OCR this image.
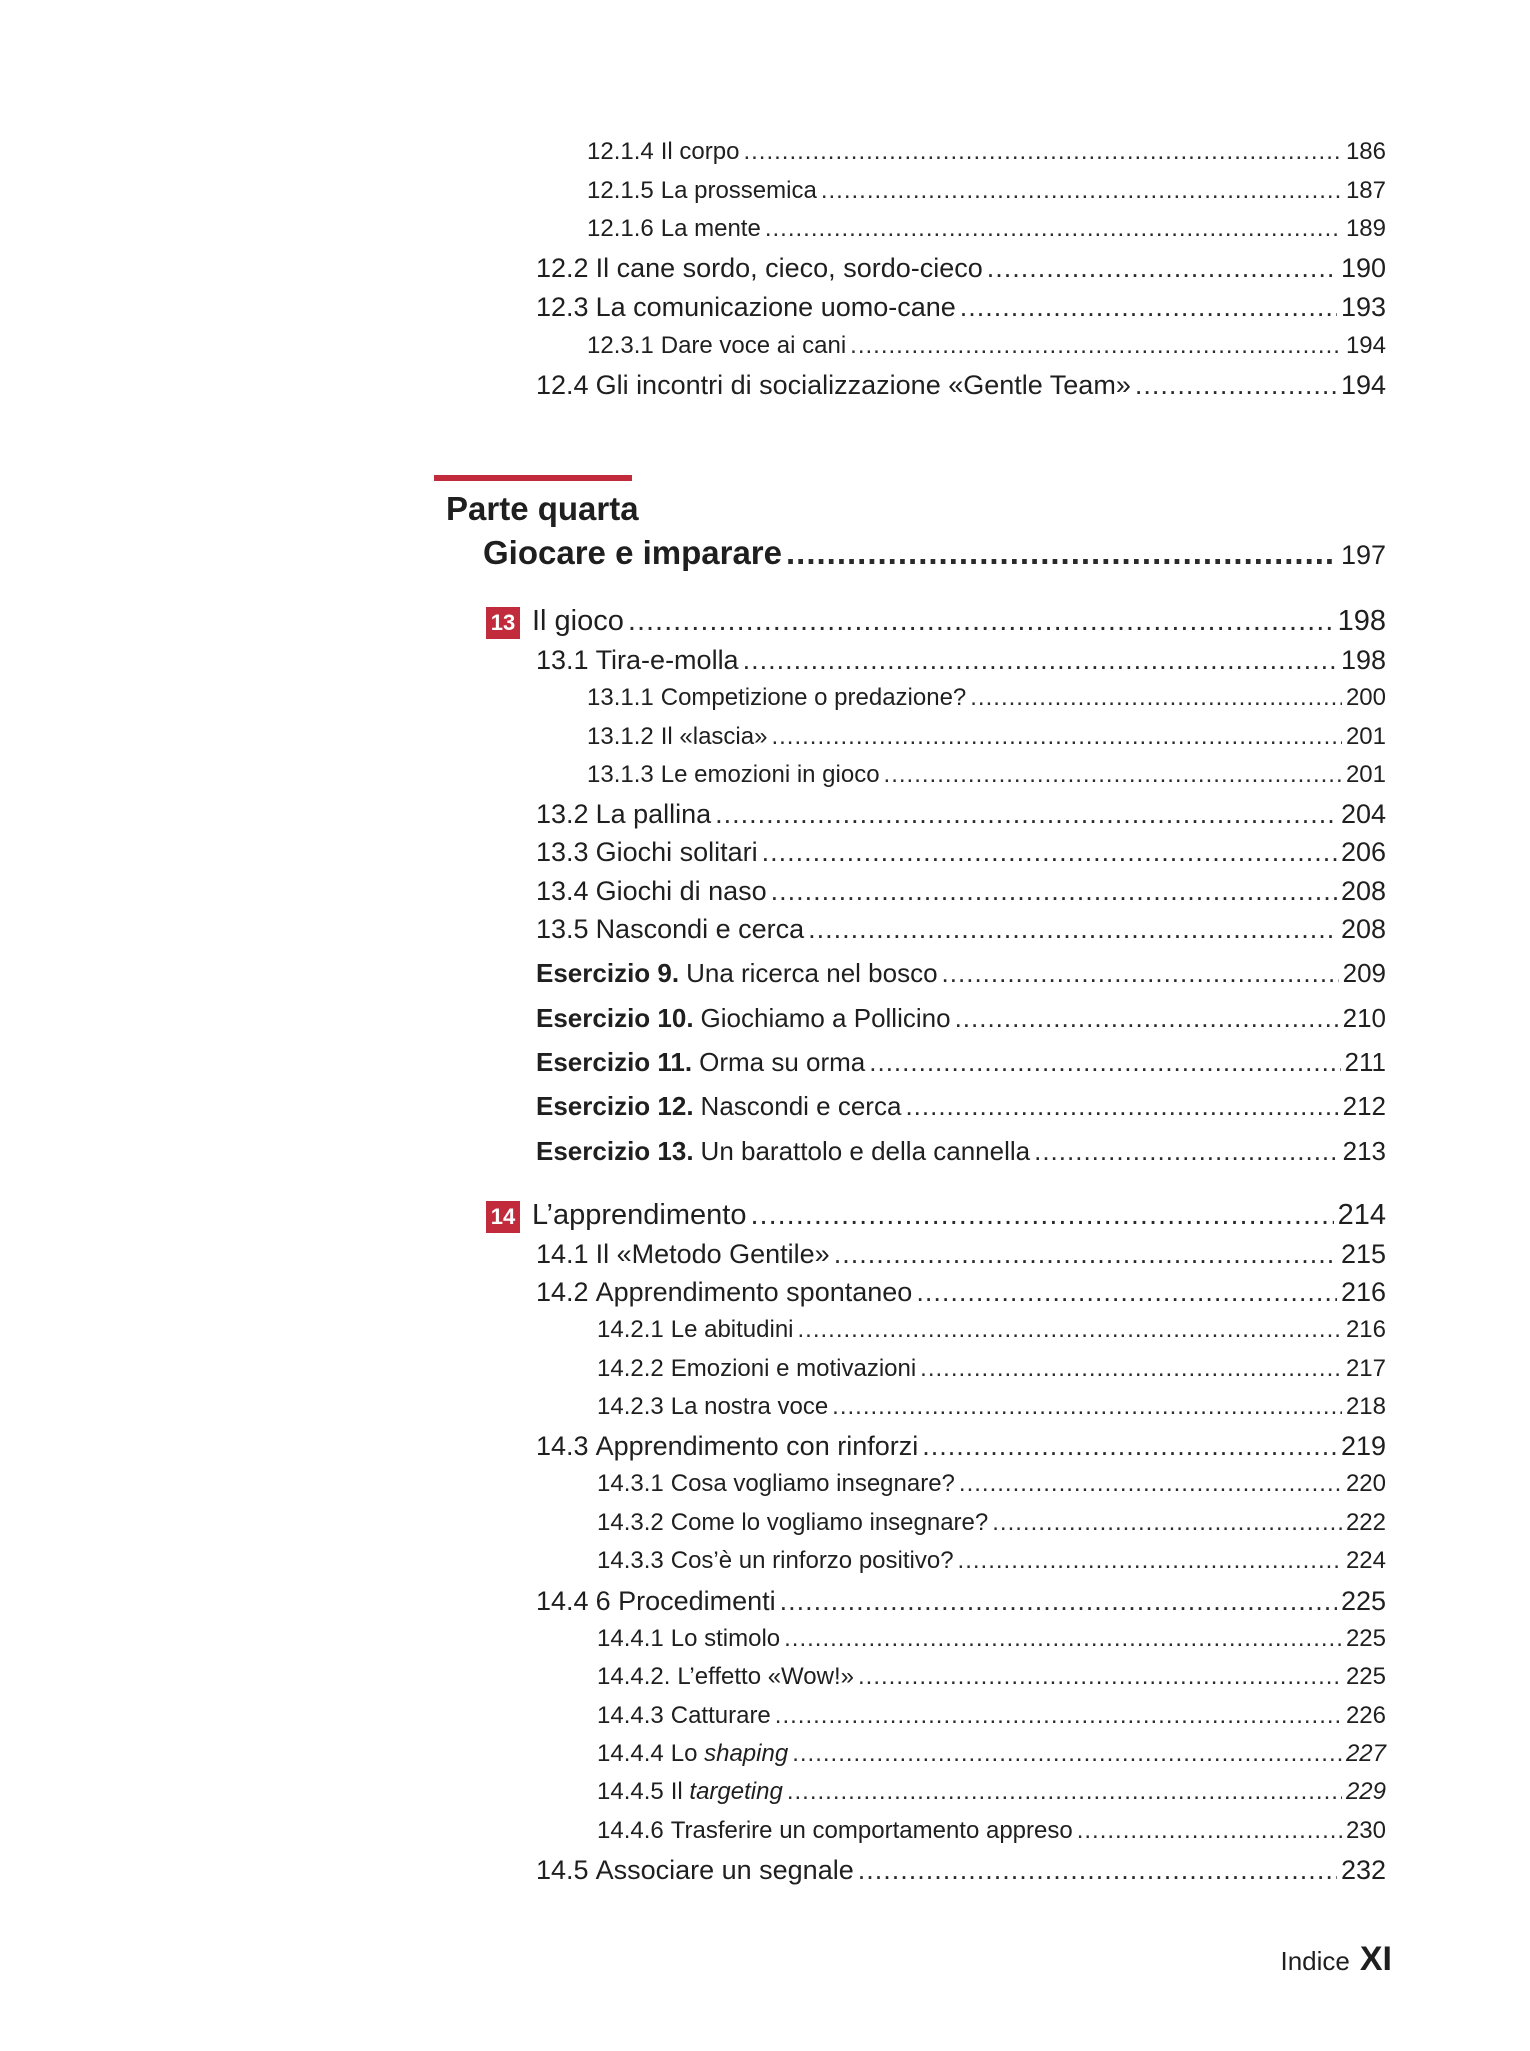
12.1.4 Il corpo .....	186
12.1.5 La prossemica .....	187
12.1.6 La mente .....	189
12.2 Il cane sordo, cieco, sordo-cieco .....	190
12.3 La comunicazione uomo-cane .....	193
12.3.1 Dare voce ai cani .....	194
12.4 Gli incontri di socializzazione «Gentle Team» .....	194
Parte quarta
Giocare e imparare .....	197
13 Il gioco .....	198
13.1 Tira-e-molla .....	198
13.1.1 Competizione o predazione? .....	200
13.1.2 Il «lascia» .....	201
13.1.3 Le emozioni in gioco .....	201
13.2 La pallina .....	204
13.3 Giochi solitari .....	206
13.4 Giochi di naso .....	208
13.5 Nascondi e cerca .....	208
Esercizio 9. Una ricerca nel bosco .....	209
Esercizio 10. Giochiamo a Pollicino .....	210
Esercizio 11. Orma su orma .....	211
Esercizio 12. Nascondi e cerca .....	212
Esercizio 13. Un barattolo e della cannella .....	213
14 L’apprendimento .....	214
14.1 Il «Metodo Gentile» .....	215
14.2 Apprendimento spontaneo .....	216
14.2.1 Le abitudini .....	216
14.2.2 Emozioni e motivazioni .....	217
14.2.3 La nostra voce .....	218
14.3 Apprendimento con rinforzi .....	219
14.3.1 Cosa vogliamo insegnare? .....	220
14.3.2 Come lo vogliamo insegnare? .....	222
14.3.3 Cos’è un rinforzo positivo? .....	224
14.4 6 Procedimenti .....	225
14.4.1 Lo stimolo .....	225
14.4.2. L’effetto «Wow!» .....	225
14.4.3 Catturare .....	226
14.4.4 Lo shaping .....	227
14.4.5 Il targeting .....	229
14.4.6 Trasferire un comportamento appreso .....	230
14.5 Associare un segnale .....	232
Indice XI
